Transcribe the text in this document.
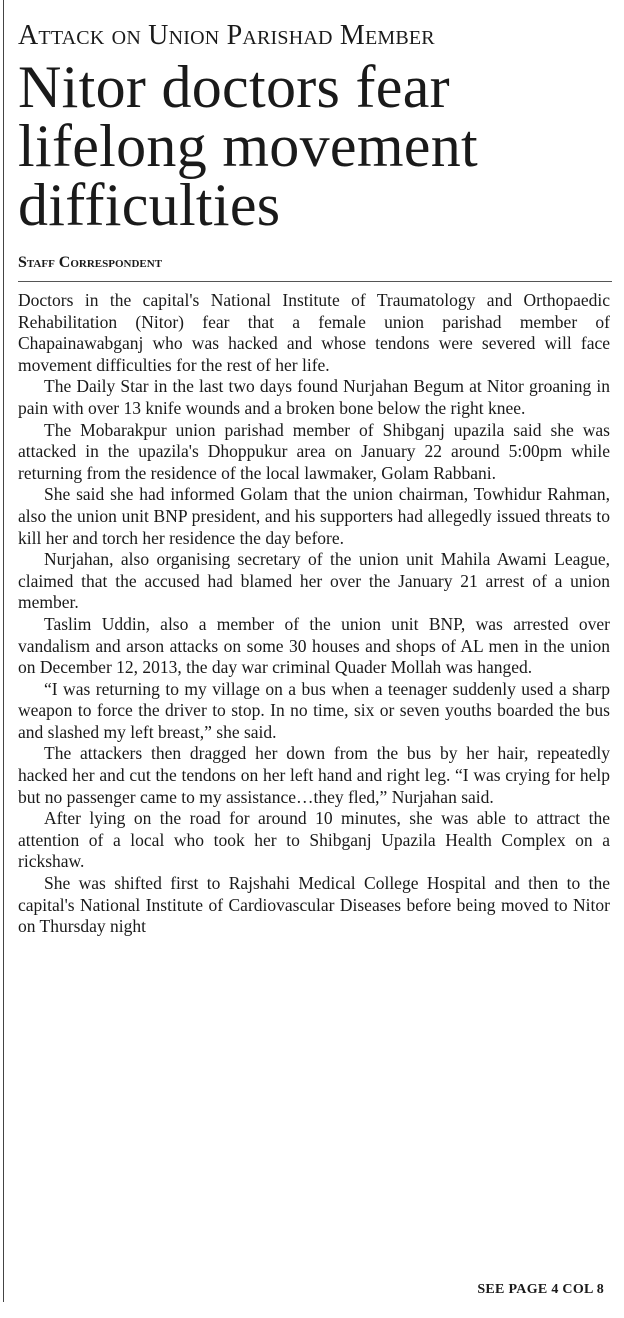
Attack on Union Parishad Member
Nitor doctors fear lifelong movement difficulties
Staff Correspondent

Doctors in the capital's National Institute of Traumatology and Orthopaedic Rehabilitation (Nitor) fear that a female union parishad member of Chapainawabganj who was hacked and whose tendons were severed will face movement difficulties for the rest of her life.

The Daily Star in the last two days found Nurjahan Begum at Nitor groaning in pain with over 13 knife wounds and a broken bone below the right knee.

The Mobarakpur union parishad member of Shibganj upazila said she was attacked in the upazila's Dhoppukur area on January 22 around 5:00pm while returning from the residence of the local lawmaker, Golam Rabbani.

She said she had informed Golam that the union chairman, Towhidur Rahman, also the union unit BNP president, and his supporters had allegedly issued threats to kill her and torch her residence the day before.

Nurjahan, also organising secretary of the union unit Mahila Awami League, claimed that the accused had blamed her over the January 21 arrest of a union member.

Taslim Uddin, also a member of the union unit BNP, was arrested over vandalism and arson attacks on some 30 houses and shops of AL men in the union on December 12, 2013, the day war criminal Quader Mollah was hanged.

“I was returning to my village on a bus when a teenager suddenly used a sharp weapon to force the driver to stop. In no time, six or seven youths boarded the bus and slashed my left breast,” she said.

The attackers then dragged her down from the bus by her hair, repeatedly hacked her and cut the tendons on her left hand and right leg. “I was crying for help but no passenger came to my assistance…they fled,” Nurjahan said.

After lying on the road for around 10 minutes, she was able to attract the attention of a local who took her to Shibganj Upazila Health Complex on a rickshaw.

She was shifted first to Rajshahi Medical College Hospital and then to the capital's National Institute of Cardiovascular Diseases before being moved to Nitor on Thursday night

SEE PAGE 4 COL 8
